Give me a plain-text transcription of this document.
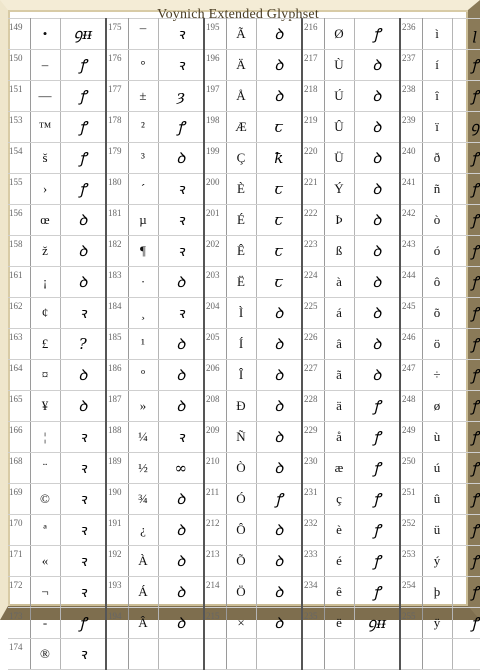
Voynich Extended Glyphset
149	•	ꝯᵻᵻ	175	¯	ꝛ	195	Ã	ꝺ	216	Ø	ꝭ	236	ì	ꞁ
150	–	ꝭ	176	°	ꝛ	196	Ä	ꝺ	217	Ù	ꝺ	237	í	ꝭ
151	—	ꝭ	177	±	ȝ	197	Å	ꝺ	218	Ú	ꝺ	238	î	ꝭ
153	™	ꝭ	178	²	ꝭ	198	Æ	ꞇ	219	Û	ꝺ	239	ï	ꝯ
154	š	ꝭ	179	³	ꝺ	199	Ç	ꝁ	220	Ü	ꝺ	240	ð	ꝭ
155	›	ꝭ	180	´	ꝛ	200	È	ꞇ	221	Ý	ꝺ	241	ñ	ꝭ
156	œ	ꝺ	181	µ	ꝛ	201	É	ꞇ	222	Þ	ꝺ	242	ò	ꝭ
158	ž	ꝺ	182	¶	ꝛ	202	Ê	ꞇ	223	ß	ꝺ	243	ó	ꝭ
161	¡	ꝺ	183	·	ꝺ	203	Ë	ꞇ	224	à	ꝺ	244	ô	ꝭ
162	¢	ꝛ	184	¸	ꝛ	204	Ì	ꝺ	225	á	ꝺ	245	õ	ꝭ
163	£	?	185	¹	ꝺ	205	Í	ꝺ	226	â	ꝺ	246	ö	ꝭ
164	¤	ꝺ	186	º	ꝺ	206	Î	ꝺ	227	ã	ꝺ	247	÷	ꝭ
165	¥	ꝺ	187	»	ꝺ	208	Ð	ꝺ	228	ä	ꝭ	248	ø	ꝭ
166	¦	ꝛ	188	¼	ꝛ	209	Ñ	ꝺ	229	å	ꝭ	249	ù	ꝭ
168	¨	ꝛ	189	½	∞	210	Ò	ꝺ	230	æ	ꝭ	250	ú	ꝭ
169	©	ꝛ	190	¾	ꝺ	211	Ó	ꝭ	231	ç	ꝭ	251	û	ꝭ
170	ª	ꝛ	191	¿	ꝺ	212	Ô	ꝺ	232	è	ꝭ	252	ü	ꝭ
171	«	ꝛ	192	À	ꝺ	213	Õ	ꝺ	233	é	ꝭ	253	ý	ꝭ
172	¬	ꝛ	193	Á	ꝺ	214	Ö	ꝺ	234	ê	ꝭ	254	þ	ꝭ
173	-	ꝭ	194	Â	ꝺ	215	×	ꝺ	235	ë	ꝯᵻᵻ	255	ÿ	ꝭ
174	®	ꝛ												
